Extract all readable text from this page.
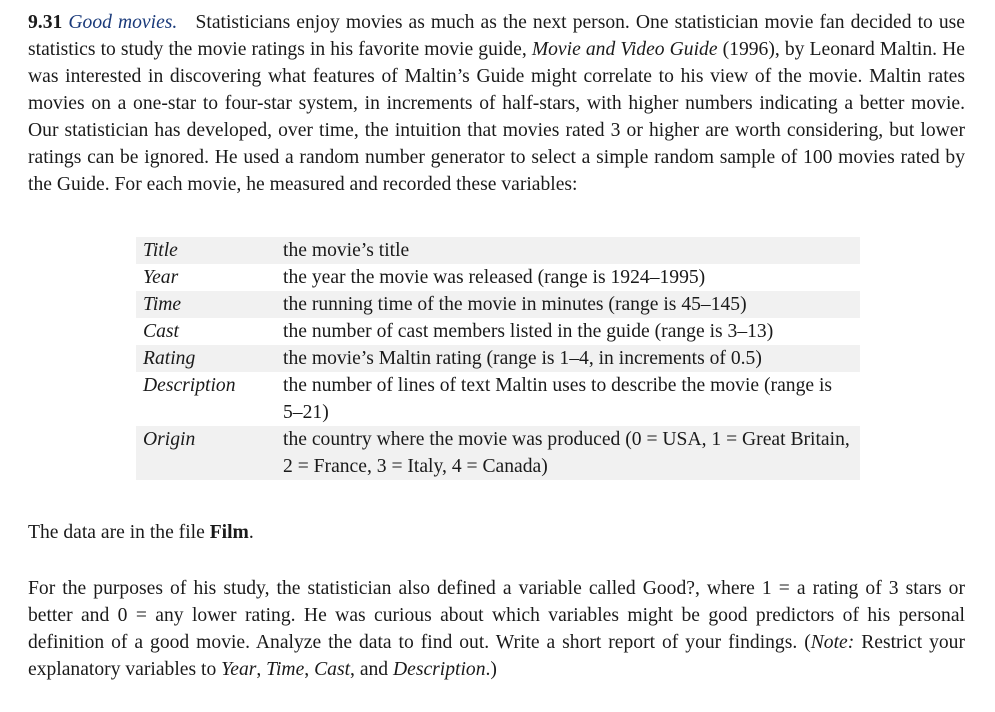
9.31 Good movies. Statisticians enjoy movies as much as the next person. One statistician movie fan decided to use statistics to study the movie ratings in his favorite movie guide, Movie and Video Guide (1996), by Leonard Maltin. He was interested in discovering what features of Maltin’s Guide might correlate to his view of the movie. Maltin rates movies on a one-star to four-star system, in increments of half-stars, with higher numbers indicating a better movie. Our statistician has developed, over time, the intuition that movies rated 3 or higher are worth considering, but lower ratings can be ignored. He used a random number generator to select a simple random sample of 100 movies rated by the Guide. For each movie, he measured and recorded these variables:

Title	the movie’s title
Year	the year the movie was released (range is 1924–1995)
Time	the running time of the movie in minutes (range is 45–145)
Cast	the number of cast members listed in the guide (range is 3–13)
Rating	the movie’s Maltin rating (range is 1–4, in increments of 0.5)
Description	the number of lines of text Maltin uses to describe the movie (range is 5–21)
Origin	the country where the movie was produced (0 = USA, 1 = Great Britain, 2 = France, 3 = Italy, 4 = Canada)

The data are in the file Film.

For the purposes of his study, the statistician also defined a variable called Good?, where 1 = a rating of 3 stars or better and 0 = any lower rating. He was curious about which variables might be good predictors of his personal definition of a good movie. Analyze the data to find out. Write a short report of your findings. (Note: Restrict your explanatory variables to Year, Time, Cast, and Description.)
